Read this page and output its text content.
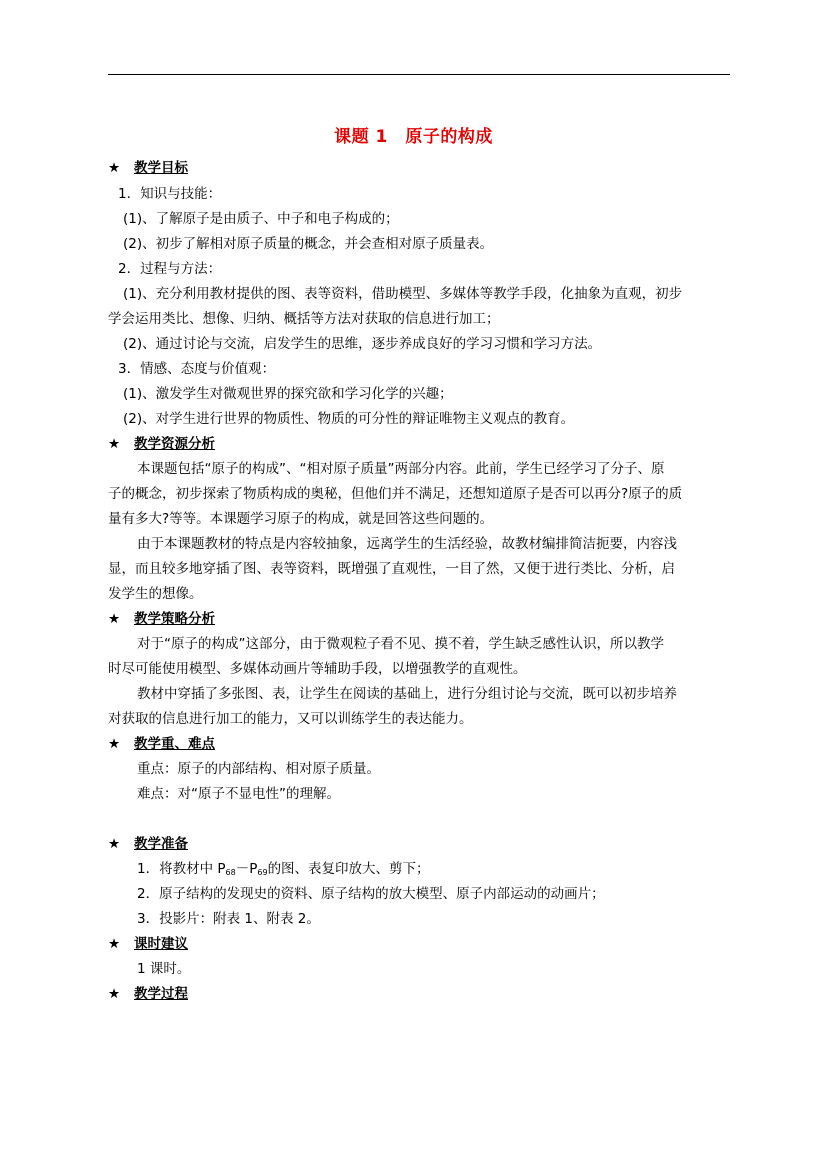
课题 1　原子的构成
★ 教学目标
1．知识与技能：
(1)、了解原子是由质子、中子和电子构成的；
(2)、初步了解相对原子质量的概念，并会查相对原子质量表。
2．过程与方法：
(1)、充分利用教材提供的图、表等资料，借助模型、多媒体等教学手段，化抽象为直观，初步
学会运用类比、想像、归纳、概括等方法对获取的信息进行加工；
(2)、通过讨论与交流，启发学生的思维，逐步养成良好的学习习惯和学习方法。
3．情感、态度与价值观：
(1)、激发学生对微观世界的探究欲和学习化学的兴趣；
(2)、对学生进行世界的物质性、物质的可分性的辩证唯物主义观点的教育。
★ 教学资源分析
本课题包括“原子的构成”、“相对原子质量”两部分内容。此前，学生已经学习了分子、原
子的概念，初步探索了物质构成的奥秘，但他们并不满足，还想知道原子是否可以再分?原子的质
量有多大?等等。本课题学习原子的构成，就是回答这些问题的。
由于本课题教材的特点是内容较抽象，远离学生的生活经验，故教材编排简洁扼要，内容浅
显，而且较多地穿插了图、表等资料，既增强了直观性，一目了然，又便于进行类比、分析，启
发学生的想像。
★ 教学策略分析
对于“原子的构成”这部分，由于微观粒子看不见、摸不着，学生缺乏感性认识，所以教学
时尽可能使用模型、多媒体动画片等辅助手段，以增强教学的直观性。
教材中穿插了多张图、表，让学生在阅读的基础上，进行分组讨论与交流，既可以初步培养
对获取的信息进行加工的能力，又可以训练学生的表达能力。
★ 教学重、难点
重点：原子的内部结构、相对原子质量。
难点：对“原子不显电性”的理解。
★ 教学准备
1．将教材中 $P_{68}-P_{69}$的图、表复印放大、剪下；
2．原子结构的发现史的资料、原子结构的放大模型、原子内部运动的动画片；
3．投影片：附表 1、附表 2。
★ 课时建议
1 课时。
★ 教学过程
